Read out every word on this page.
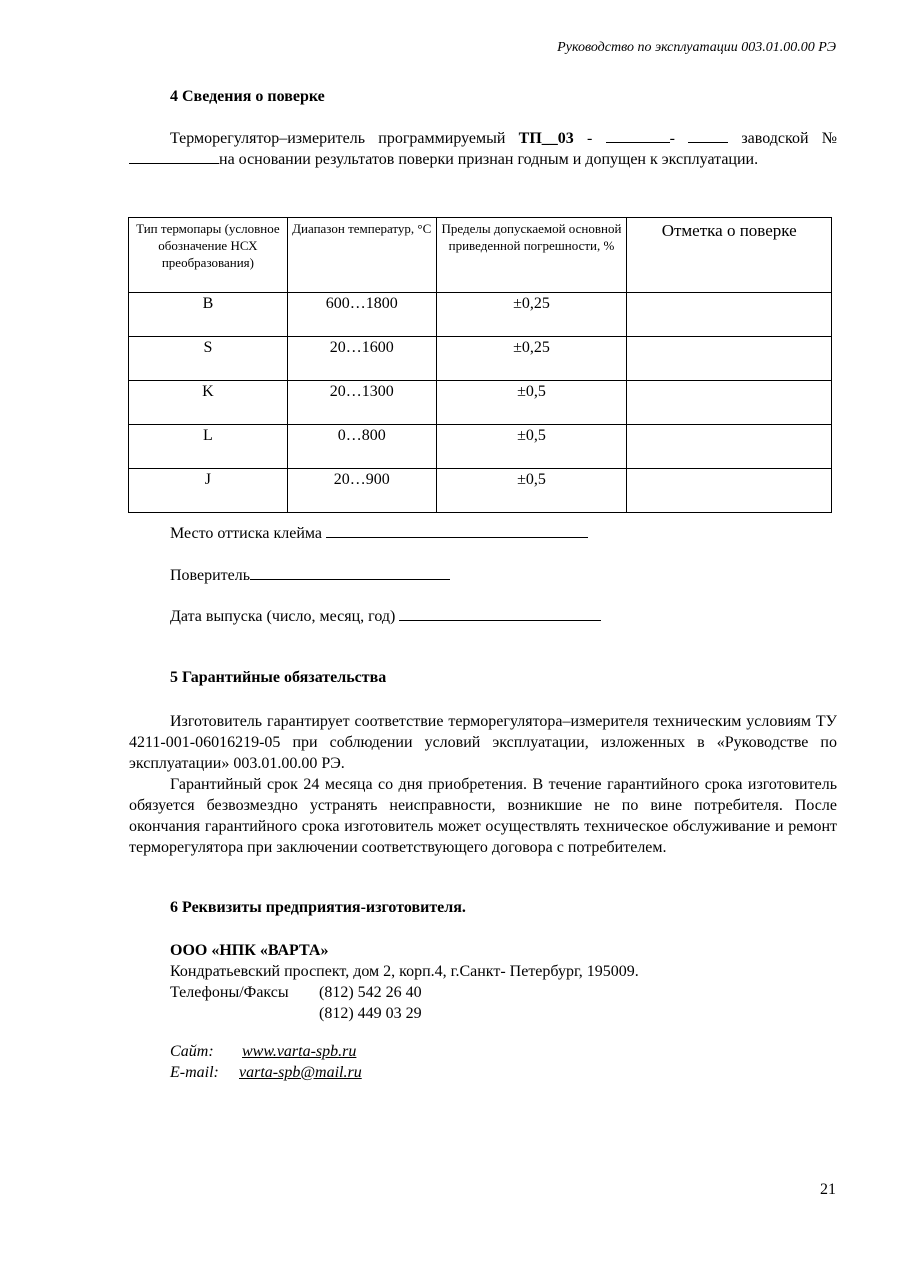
Руководство по эксплуатации 003.01.00.00 РЭ
4 Сведения о поверке
Терморегулятор–измеритель программируемый ТП__03 -	-	заводской № на основании результатов поверки признан годным и допущен к эксплуатации.
Тип термопары (условное обозначение НСХ преобразования)	Диапазон температур, °С	Пределы допускаемой основной приведенной погрешности, %	Отметка о поверке
B	600…1800	±0,25	
S	20…1600	±0,25	
K	20…1300	±0,5	
L	0…800	±0,5	
J	20…900	±0,5	
Место оттиска клейма
Поверитель
Дата выпуска (число, месяц, год)
5 Гарантийные обязательства
Изготовитель гарантирует соответствие терморегулятора–измерителя техническим условиям ТУ 4211-001-06016219-05 при соблюдении условий эксплуатации, изложенных в «Руководстве по эксплуатации» 003.01.00.00 РЭ.
Гарантийный срок 24 месяца со дня приобретения. В течение гарантийного срока изготовитель обязуется безвозмездно устранять неисправности, возникшие не по вине потребителя. После окончания гарантийного срока изготовитель может осуществлять техническое обслуживание и ремонт терморегулятора при заключении соответствующего договора с потребителем.
6 Реквизиты предприятия-изготовителя.
ООО «НПК «ВАРТА»
Кондратьевский проспект, дом 2, корп.4, г.Санкт- Петербург, 195009.
Телефоны/Факсы (812) 542 26 40
(812) 449 03 29
Сайт: www.varta-spb.ru
E-mail: varta-spb@mail.ru
21
